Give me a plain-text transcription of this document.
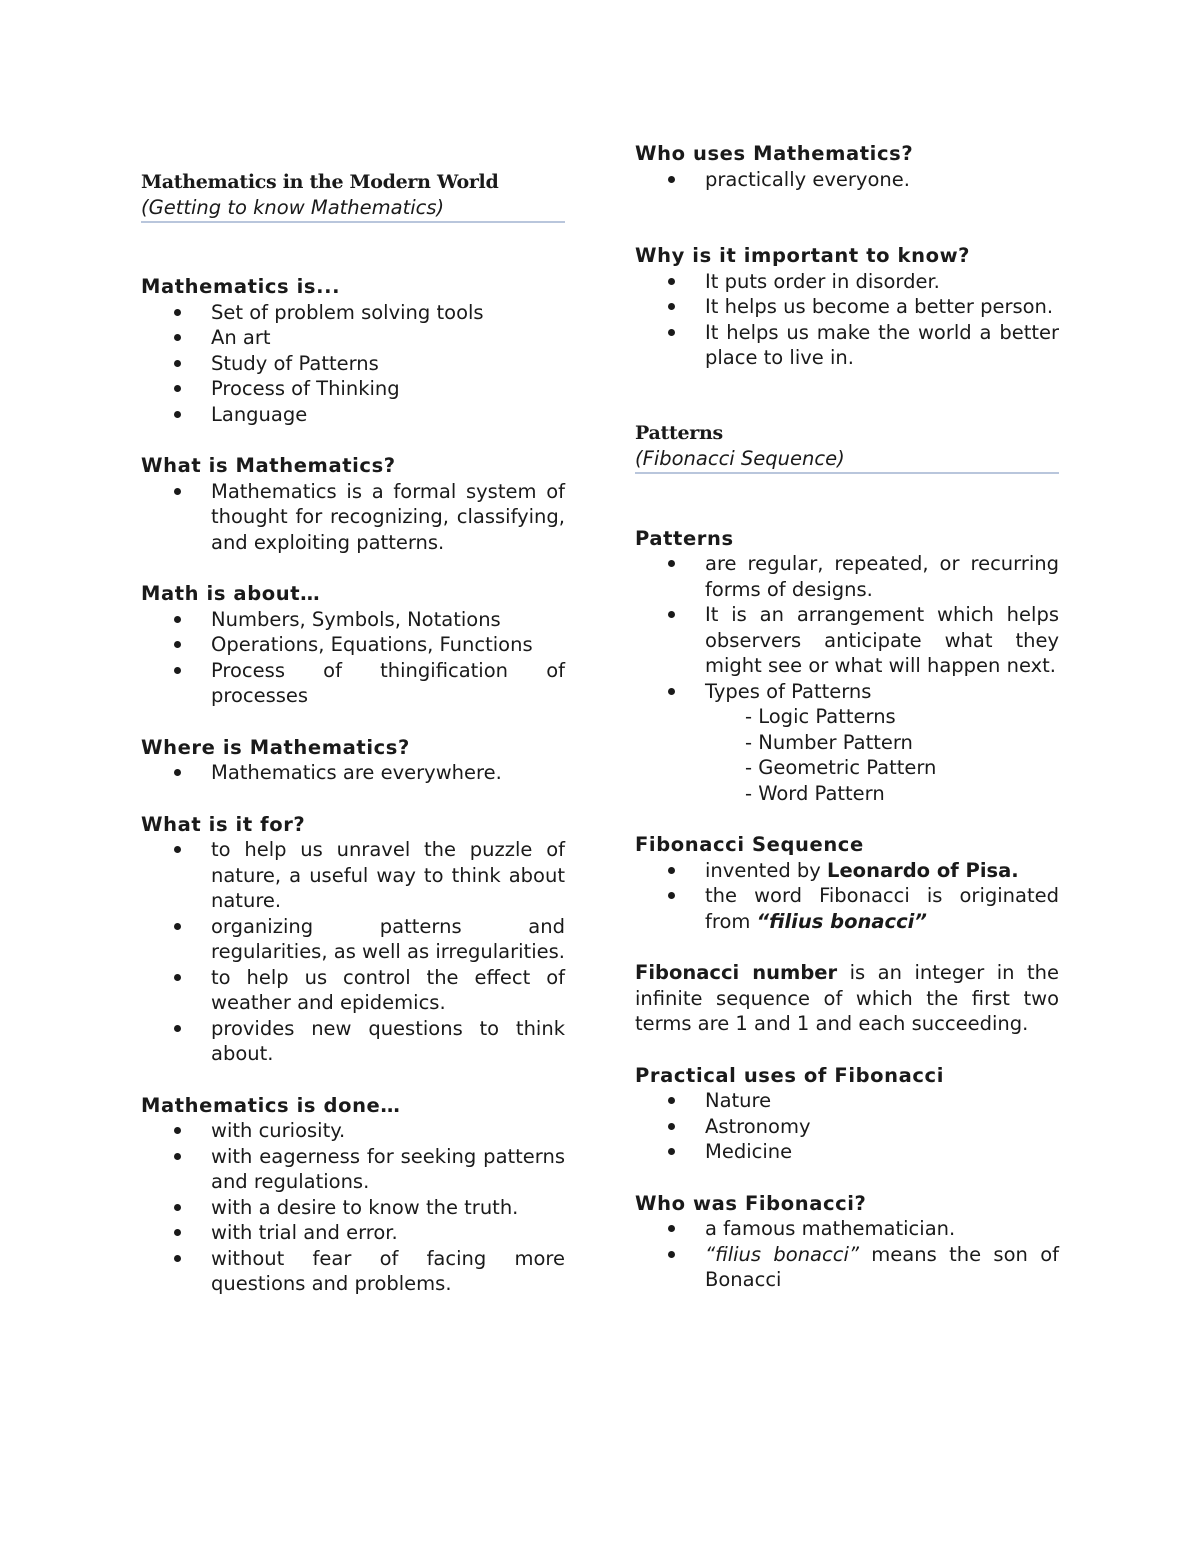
Mathematics in the Modern World
(Getting to know Mathematics)
Mathematics is...
Set of problem solving tools
An art
Study of Patterns
Process of Thinking
Language
What is Mathematics?
Mathematics is a formal system of thought for recognizing, classifying, and exploiting patterns.
Math is about…
Numbers, Symbols, Notations
Operations, Equations, Functions
Process of thingification of processes
Where is Mathematics?
Mathematics are everywhere.
What is it for?
to help us unravel the puzzle of nature, a useful way to think about nature.
organizing patterns and regularities, as well as irregularities.
to help us control the effect of weather and epidemics.
provides new questions to think about.
Mathematics is done…
with curiosity.
with eagerness for seeking patterns and regulations.
with a desire to know the truth.
with trial and error.
without fear of facing more questions and problems.
Who uses Mathematics?
practically everyone.
Why is it important to know?
It puts order in disorder.
It helps us become a better person.
It helps us make the world a better place to live in.
Patterns
(Fibonacci Sequence)
Patterns
are regular, repeated, or recurring forms of designs.
It is an arrangement which helps observers anticipate what they might see or what will happen next.
Types of Patterns
- Logic Patterns
- Number Pattern
- Geometric Pattern
- Word Pattern
Fibonacci Sequence
invented by Leonardo of Pisa.
the word Fibonacci is originated from “filius bonacci”
Fibonacci number is an integer in the infinite sequence of which the first two terms are 1 and 1 and each succeeding.
Practical uses of Fibonacci
Nature
Astronomy
Medicine
Who was Fibonacci?
a famous mathematician.
“filius bonacci” means the son of Bonacci
